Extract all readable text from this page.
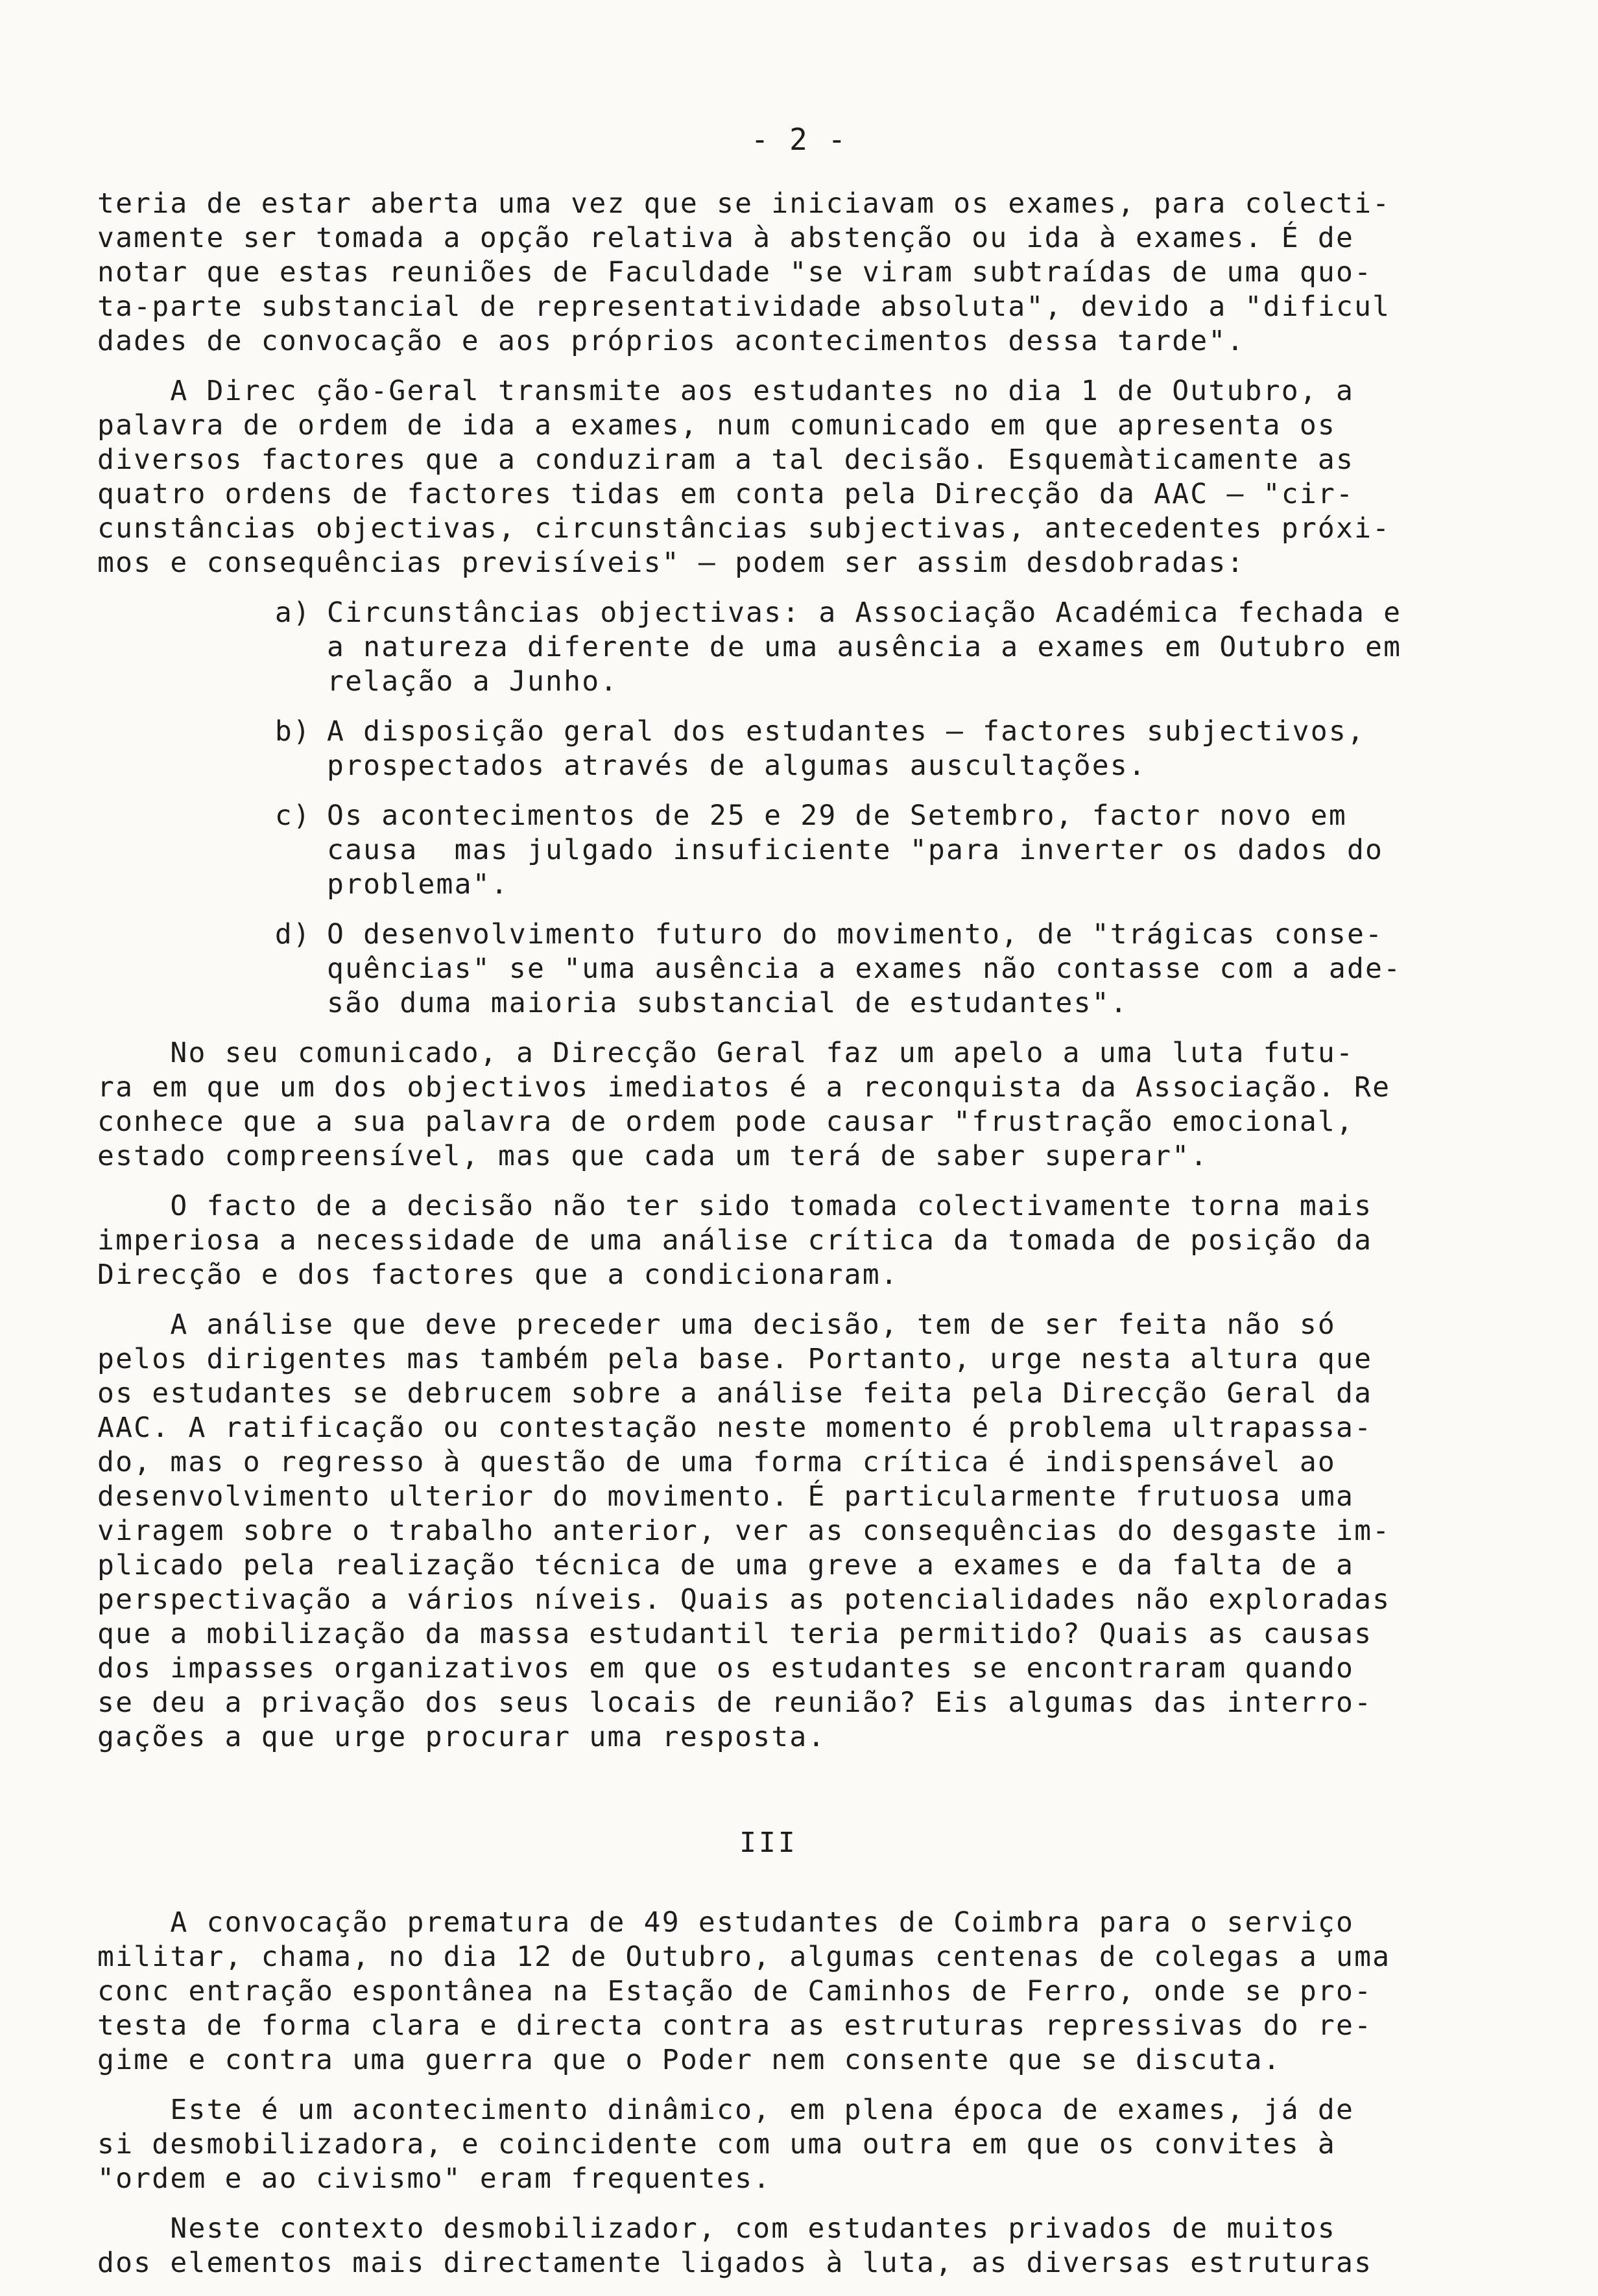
- 2 -
teria de estar aberta uma vez que se iniciavam os exames, para colecti-
vamente ser tomada a opção relativa à abstenção ou ida à exames. É de
notar que estas reuniões de Faculdade "se viram subtraídas de uma quo-
ta-parte substancial de representatividade absoluta", devido a "dificul
dades de convocação e aos próprios acontecimentos dessa tarde".
A Direc ção-Geral transmite aos estudantes no dia 1 de Outubro, a
palavra de ordem de ida a exames, num comunicado em que apresenta os
diversos factores que a conduziram a tal decisão. Esquemàticamente as
quatro ordens de factores tidas em conta pela Direcção da AAC — "cir-
cunstâncias objectivas, circunstâncias subjectivas, antecedentes próxi-
mos e consequências previsíveis" — podem ser assim desdobradas:
a) Circunstâncias objectivas: a Associação Académica fechada e
a natureza diferente de uma ausência a exames em Outubro em
relação a Junho.
b) A disposição geral dos estudantes — factores subjectivos,
prospectados através de algumas auscultações.
c) Os acontecimentos de 25 e 29 de Setembro, factor novo em
causa  mas julgado insuficiente "para inverter os dados do
problema".
d) O desenvolvimento futuro do movimento, de "trágicas conse-
quências" se "uma ausência a exames não contasse com a ade-
são duma maioria substancial de estudantes".
No seu comunicado, a Direcção Geral faz um apelo a uma luta futu-
ra em que um dos objectivos imediatos é a reconquista da Associação. Re
conhece que a sua palavra de ordem pode causar "frustração emocional,
estado compreensível, mas que cada um terá de saber superar".
O facto de a decisão não ter sido tomada colectivamente torna mais
imperiosa a necessidade de uma análise crítica da tomada de posição da
Direcção e dos factores que a condicionaram.
A análise que deve preceder uma decisão, tem de ser feita não só
pelos dirigentes mas também pela base. Portanto, urge nesta altura que
os estudantes se debrucem sobre a análise feita pela Direcção Geral da
AAC. A ratificação ou contestação neste momento é problema ultrapassa-
do, mas o regresso à questão de uma forma crítica é indispensável ao
desenvolvimento ulterior do movimento. É particularmente frutuosa uma
viragem sobre o trabalho anterior, ver as consequências do desgaste im-
plicado pela realização técnica de uma greve a exames e da falta de a
perspectivação a vários níveis. Quais as potencialidades não exploradas
que a mobilização da massa estudantil teria permitido? Quais as causas
dos impasses organizativos em que os estudantes se encontraram quando
se deu a privação dos seus locais de reunião? Eis algumas das interro-
gações a que urge procurar uma resposta.
III
A convocação prematura de 49 estudantes de Coimbra para o serviço
militar, chama, no dia 12 de Outubro, algumas centenas de colegas a uma
conc entração espontânea na Estação de Caminhos de Ferro, onde se pro-
testa de forma clara e directa contra as estruturas repressivas do re-
gime e contra uma guerra que o Poder nem consente que se discuta.
Este é um acontecimento dinâmico, em plena época de exames, já de
si desmobilizadora, e coincidente com uma outra em que os convites à
"ordem e ao civismo" eram frequentes.
Neste contexto desmobilizador, com estudantes privados de muitos
dos elementos mais directamente ligados à luta, as diversas estruturas
